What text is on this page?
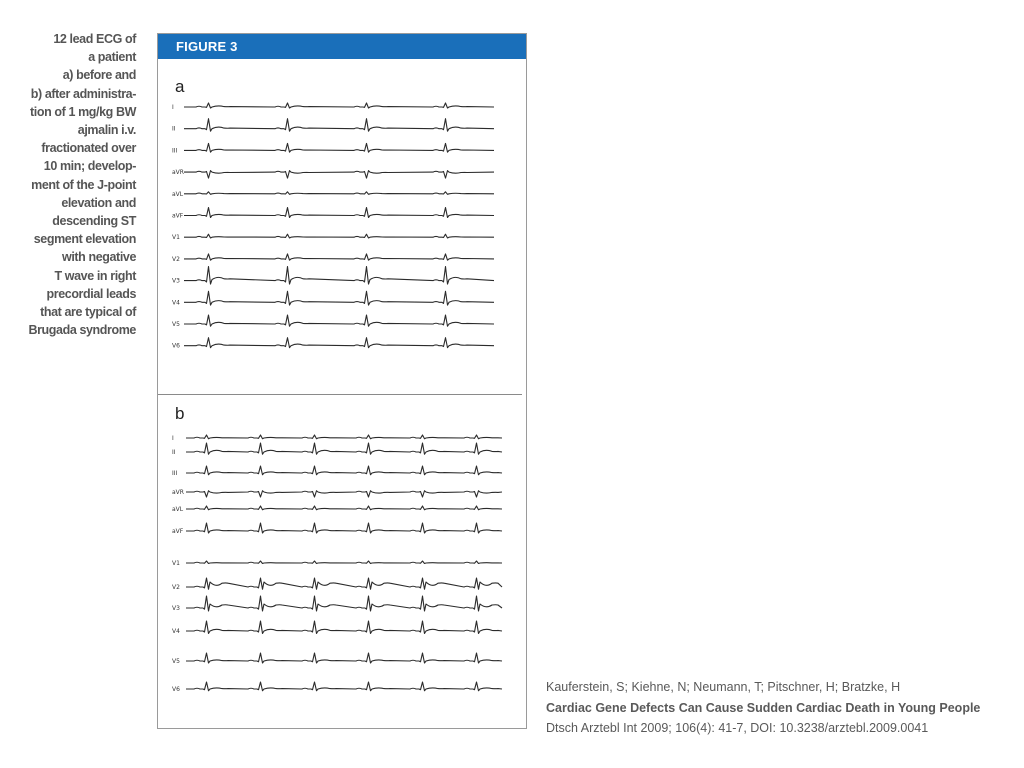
12 lead ECG of
a patient
a) before and
b) after administra-
tion of 1 mg/kg BW
ajmalin i.v.
fractionated over
10 min; develop-
ment of the J-point
elevation and
descending ST
segment elevation
with negative
T wave in right
precordial leads
that are typical of
Brugada syndrome
FIGURE 3
a
b
I
II
III
aVR
aVL
aVF
V1
V2
V3
V4
V5
V6
I
II
III
aVR
aVL
aVF
V1
V2
V3
V4
V5
V6	Kauferstein, S; Kiehne, N; Neumann, T; Pitschner, H; Bratzke, H
Cardiac Gene Defects Can Cause Sudden Cardiac Death in Young People
Dtsch Arztebl Int 2009; 106(4): 41-7, DOI: 10.3238/arztebl.2009.0041
